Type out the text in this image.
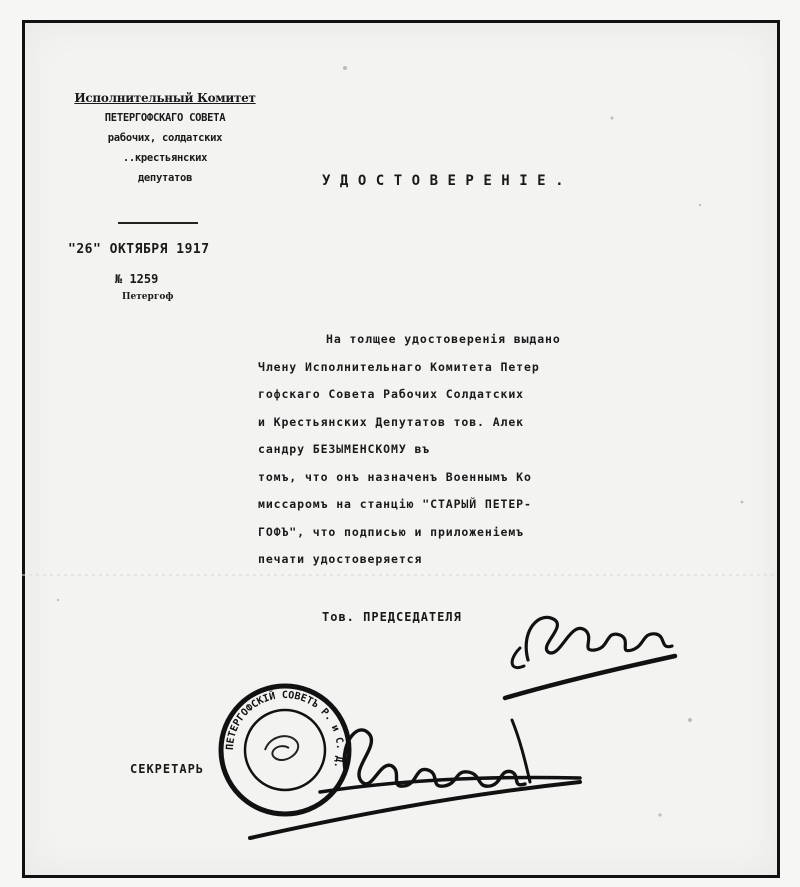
Исполнительный Комитет
ПЕТЕРГОФСКАГО СОВЕТА
рабочих, солдатских
..крестьянских
депутатов
"26" ОКТЯБРЯ 1917
№ 1259
Петергоф
УДОСТОВЕРЕНІЕ.
На толщее удостоверенія выдано
Члену Исполнительнаго Комитета Петер
гофскаго Совета Рабочих Солдатских
и Крестьянских Депутатов тов. Алек
сандру БЕЗЫМЕНСКОМУ въ
томъ, что онъ назначенъ Военнымъ Ко
миссаромъ на станцію "СТАРЫЙ ПЕТЕР-
ГОФЪ", что подписью и приложеніемъ
печати удостоверяется
Тов. ПРЕДСЕДАТЕЛЯ
СЕКРЕТАРЬ
ПЕТЕРГОФСКІЙ СОВЕТЪ Р. и С. Д.
